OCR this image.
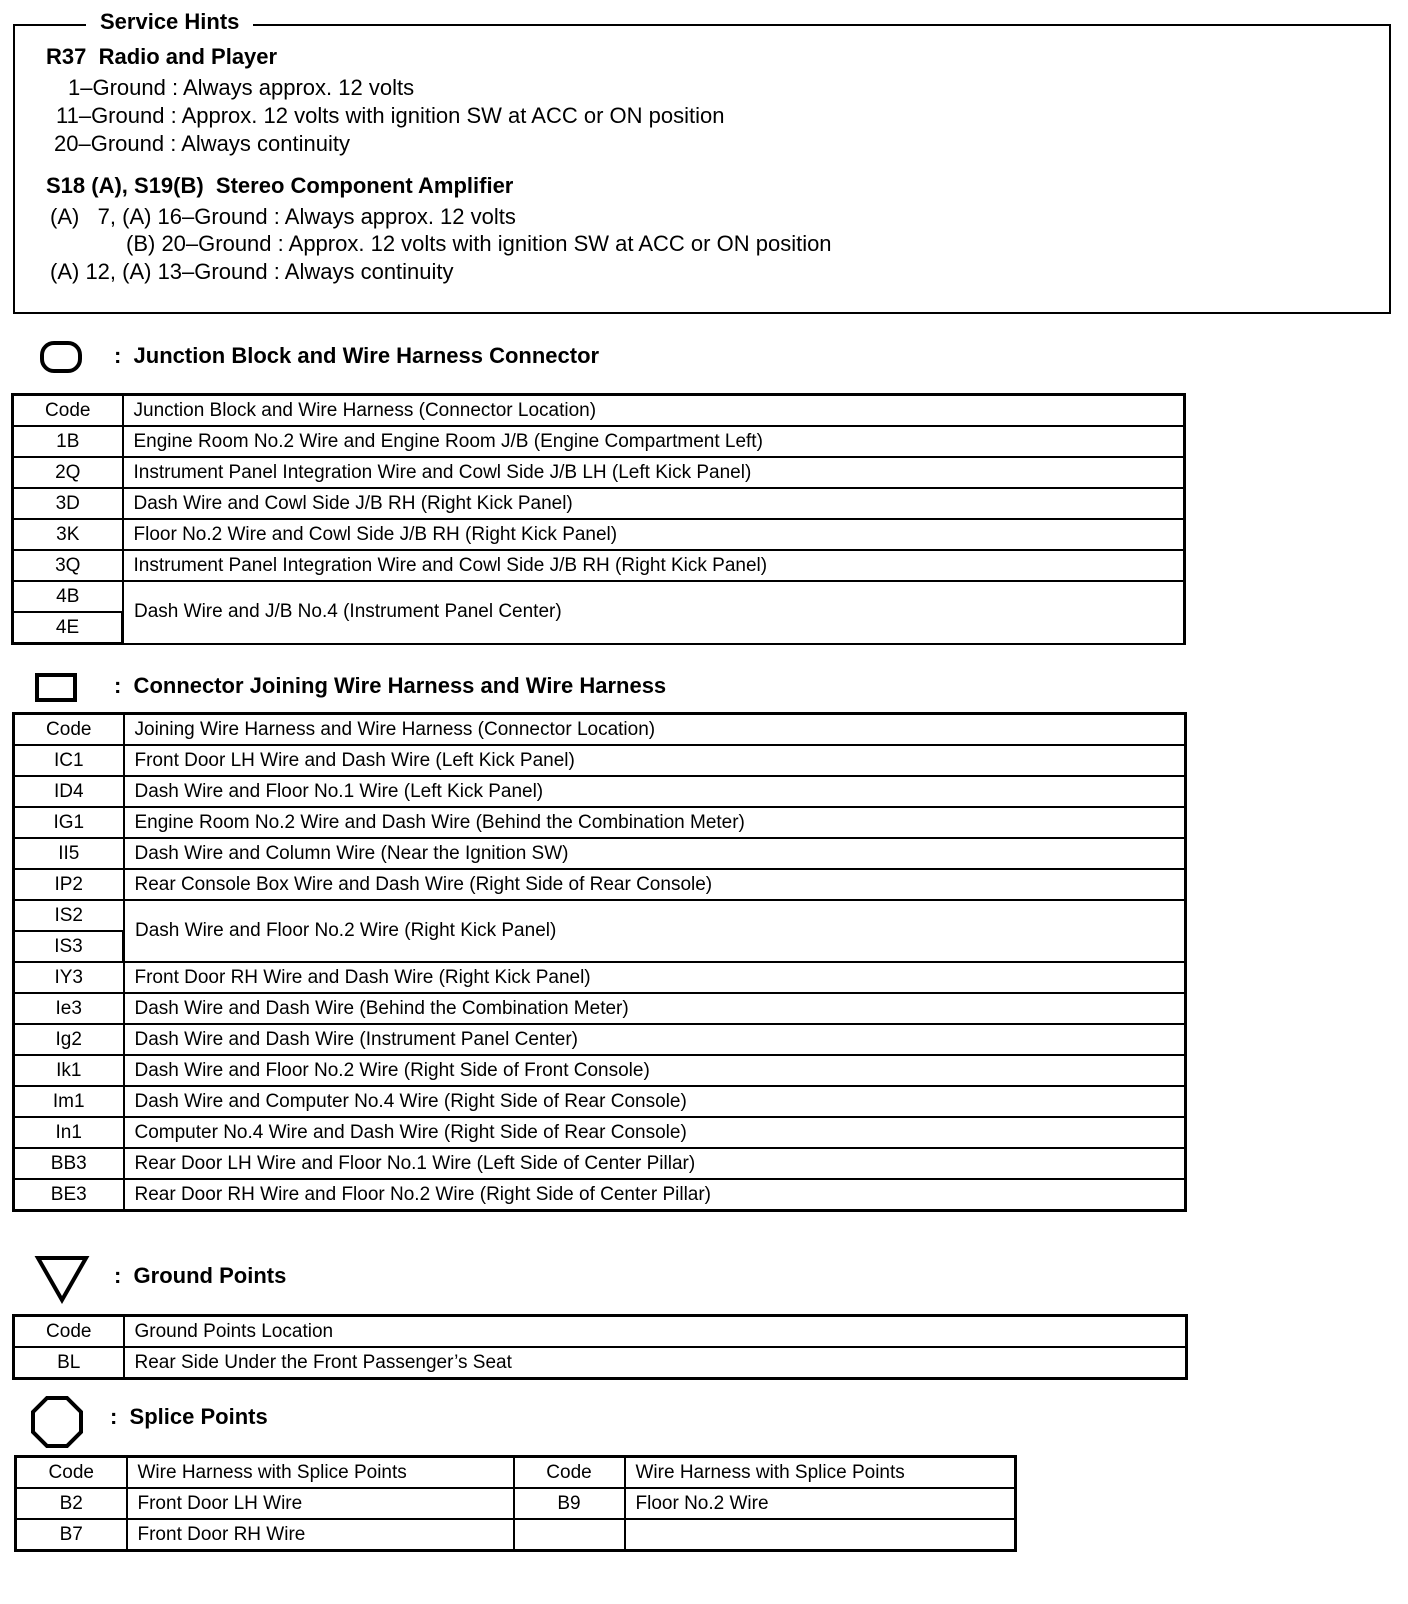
Service Hints
R37  Radio and Player
1–Ground : Always approx. 12 volts
11–Ground : Approx. 12 volts with ignition SW at ACC or ON position
20–Ground : Always continuity
S18 (A), S19(B)  Stereo Component Amplifier
(A)   7, (A) 16–Ground : Always approx. 12 volts
(B) 20–Ground : Approx. 12 volts with ignition SW at ACC or ON position
(A) 12, (A) 13–Ground : Always continuity
:  Junction Block and Wire Harness Connector
Code	Junction Block and Wire Harness (Connector Location)
1B	Engine Room No.2 Wire and Engine Room J/B (Engine Compartment Left)
2Q	Instrument Panel Integration Wire and Cowl Side J/B LH (Left Kick Panel)
3D	Dash Wire and Cowl Side J/B RH (Right Kick Panel)
3K	Floor No.2 Wire and Cowl Side J/B RH (Right Kick Panel)
3Q	Instrument Panel Integration Wire and Cowl Side J/B RH (Right Kick Panel)
4B	Dash Wire and J/B No.4 (Instrument Panel Center)
4E	
:  Connector Joining Wire Harness and Wire Harness
Code	Joining Wire Harness and Wire Harness (Connector Location)
IC1	Front Door LH Wire and Dash Wire (Left Kick Panel)
ID4	Dash Wire and Floor No.1 Wire (Left Kick Panel)
IG1	Engine Room No.2 Wire and Dash Wire (Behind the Combination Meter)
II5	Dash Wire and Column Wire (Near the Ignition SW)
IP2	Rear Console Box Wire and Dash Wire (Right Side of Rear Console)
IS2	Dash Wire and Floor No.2 Wire (Right Kick Panel)
IS3	
IY3	Front Door RH Wire and Dash Wire (Right Kick Panel)
Ie3	Dash Wire and Dash Wire (Behind the Combination Meter)
Ig2	Dash Wire and Dash Wire (Instrument Panel Center)
Ik1	Dash Wire and Floor No.2 Wire (Right Side of Front Console)
Im1	Dash Wire and Computer No.4 Wire (Right Side of Rear Console)
In1	Computer No.4 Wire and Dash Wire (Right Side of Rear Console)
BB3	Rear Door LH Wire and Floor No.1 Wire (Left Side of Center Pillar)
BE3	Rear Door RH Wire and Floor No.2 Wire (Right Side of Center Pillar)
:  Ground Points
Code	Ground Points Location
BL	Rear Side Under the Front Passenger’s Seat
:  Splice Points
Code	Wire Harness with Splice Points	Code	Wire Harness with Splice Points
B2	Front Door LH Wire	B9	Floor No.2 Wire
B7	Front Door RH Wire		
